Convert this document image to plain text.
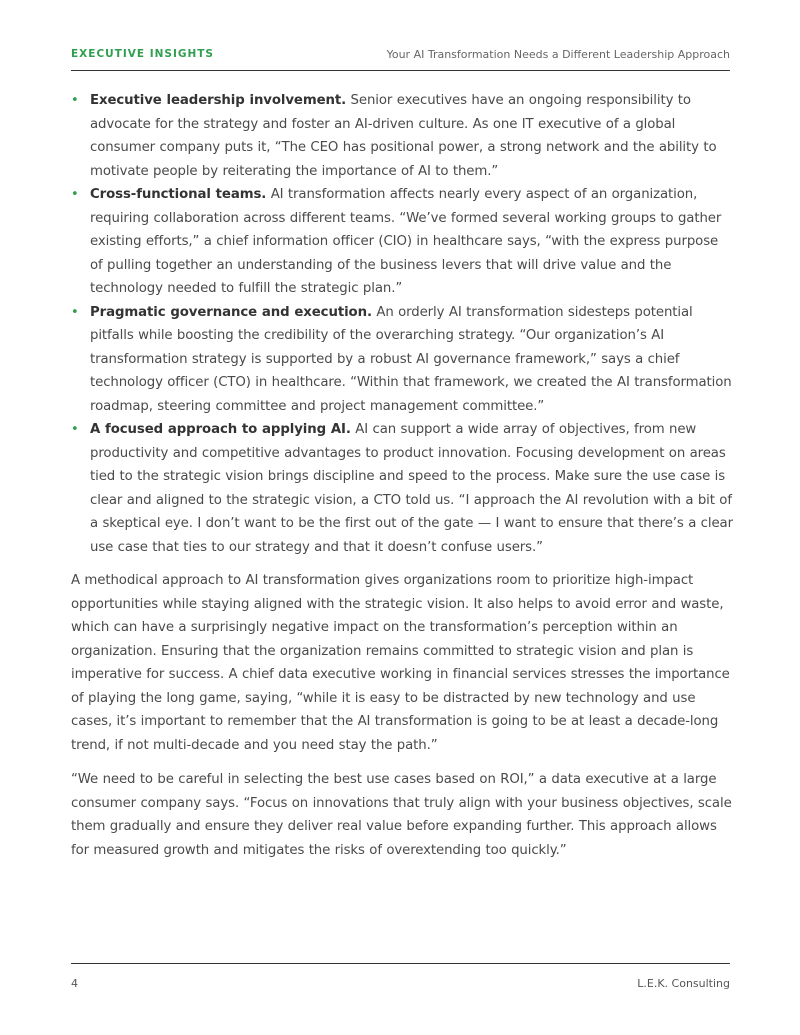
EXECUTIVE INSIGHTS	Your AI Transformation Needs a Different Leadership Approach
• Executive leadership involvement. Senior executives have an ongoing responsibility to advocate for the strategy and foster an AI-driven culture. As one IT executive of a global consumer company puts it, “The CEO has positional power, a strong network and the ability to motivate people by reiterating the importance of AI to them.”
• Cross-functional teams. AI transformation affects nearly every aspect of an organization, requiring collaboration across different teams. “We’ve formed several working groups to gather existing efforts,” a chief information officer (CIO) in healthcare says, “with the express purpose of pulling together an understanding of the business levers that will drive value and the technology needed to fulfill the strategic plan.”
• Pragmatic governance and execution. An orderly AI transformation sidesteps potential pitfalls while boosting the credibility of the overarching strategy. “Our organization’s AI transformation strategy is supported by a robust AI governance framework,” says a chief technology officer (CTO) in healthcare. “Within that framework, we created the AI transformation roadmap, steering committee and project management committee.”
• A focused approach to applying AI. AI can support a wide array of objectives, from new productivity and competitive advantages to product innovation. Focusing development on areas tied to the strategic vision brings discipline and speed to the process. Make sure the use case is clear and aligned to the strategic vision, a CTO told us. “I approach the AI revolution with a bit of a skeptical eye. I don’t want to be the first out of the gate — I want to ensure that there’s a clear use case that ties to our strategy and that it doesn’t confuse users.”

A methodical approach to AI transformation gives organizations room to prioritize high-impact opportunities while staying aligned with the strategic vision. It also helps to avoid error and waste, which can have a surprisingly negative impact on the transformation’s perception within an organization. Ensuring that the organization remains committed to strategic vision and plan is imperative for success. A chief data executive working in financial services stresses the importance of playing the long game, saying, “while it is easy to be distracted by new technology and use cases, it’s important to remember that the AI transformation is going to be at least a decade-long trend, if not multi-decade and you need stay the path.”

“We need to be careful in selecting the best use cases based on ROI,” a data executive at a large consumer company says. “Focus on innovations that truly align with your business objectives, scale them gradually and ensure they deliver real value before expanding further. This approach allows for measured growth and mitigates the risks of overextending too quickly.”

4	L.E.K. Consulting
